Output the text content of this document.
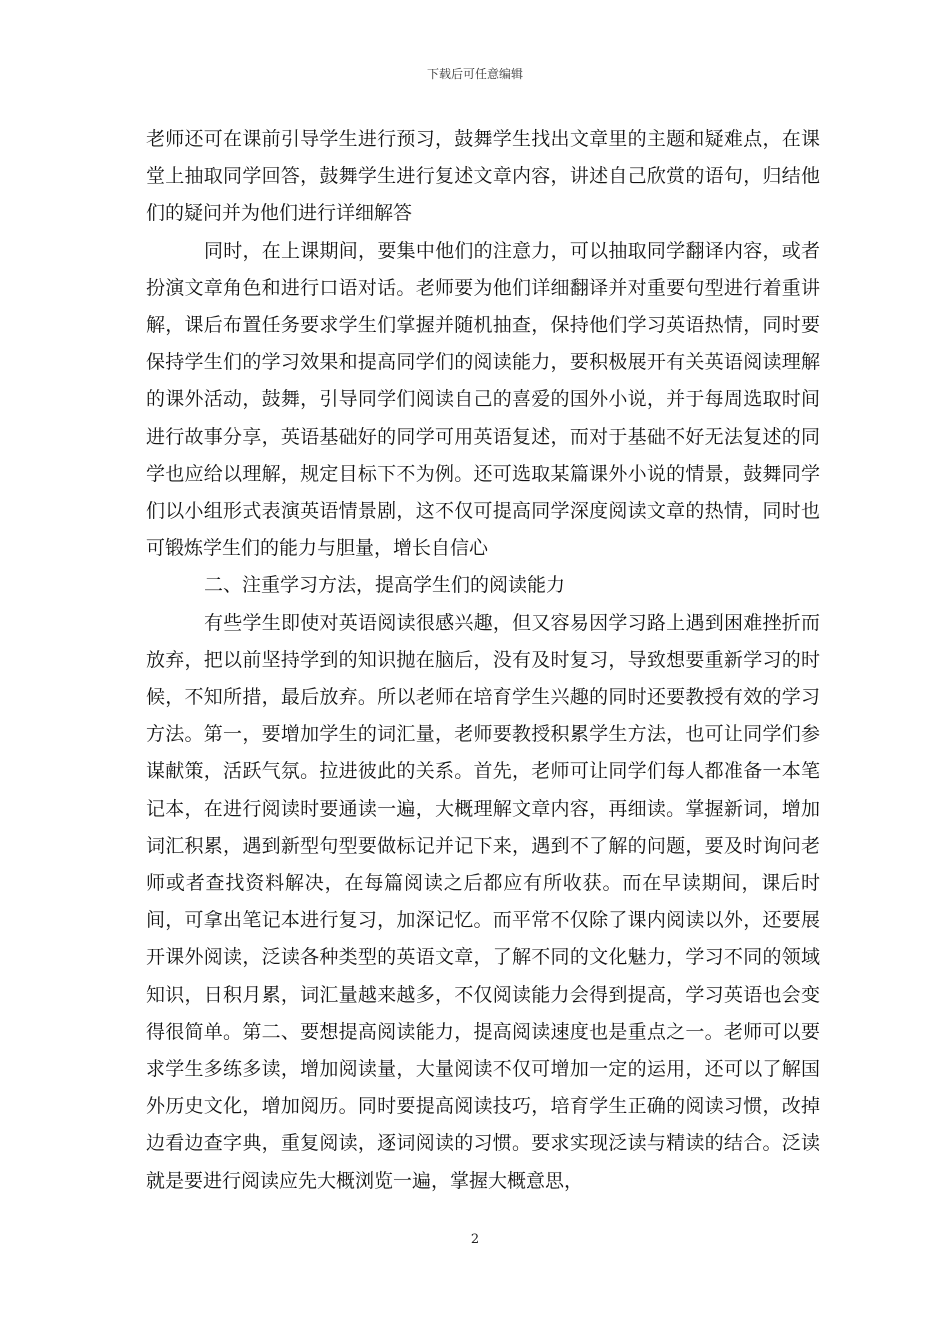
下载后可任意编辑

老师还可在课前引导学生进行预习，鼓舞学生找出文章里的主题和疑难点，在课堂上抽取同学回答，鼓舞学生进行复述文章内容，讲述自己欣赏的语句，归结他们的疑问并为他们进行详细解答

同时，在上课期间，要集中他们的注意力，可以抽取同学翻译内容，或者扮演文章角色和进行口语对话。老师要为他们详细翻译并对重要句型进行着重讲解，课后布置任务要求学生们掌握并随机抽查，保持他们学习英语热情，同时要保持学生们的学习效果和提高同学们的阅读能力，要积极展开有关英语阅读理解的课外活动，鼓舞，引导同学们阅读自己的喜爱的国外小说，并于每周选取时间进行故事分享，英语基础好的同学可用英语复述，而对于基础不好无法复述的同学也应给以理解，规定目标下不为例。还可选取某篇课外小说的情景，鼓舞同学们以小组形式表演英语情景剧，这不仅可提高同学深度阅读文章的热情，同时也可锻炼学生们的能力与胆量，增长自信心

二、注重学习方法，提高学生们的阅读能力

有些学生即使对英语阅读很感兴趣，但又容易因学习路上遇到困难挫折而放弃，把以前坚持学到的知识抛在脑后，没有及时复习，导致想要重新学习的时候，不知所措，最后放弃。所以老师在培育学生兴趣的同时还要教授有效的学习方法。第一，要增加学生的词汇量，老师要教授积累学生方法，也可让同学们参谋献策，活跃气氛。拉进彼此的关系。首先，老师可让同学们每人都准备一本笔记本，在进行阅读时要通读一遍，大概理解文章内容，再细读。掌握新词，增加词汇积累，遇到新型句型要做标记并记下来，遇到不了解的问题，要及时询问老师或者查找资料解决，在每篇阅读之后都应有所收获。而在早读期间，课后时间，可拿出笔记本进行复习，加深记忆。而平常不仅除了课内阅读以外，还要展开课外阅读，泛读各种类型的英语文章，了解不同的文化魅力，学习不同的领域知识，日积月累，词汇量越来越多，不仅阅读能力会得到提高，学习英语也会变得很简单。第二、要想提高阅读能力，提高阅读速度也是重点之一。老师可以要求学生多练多读，增加阅读量，大量阅读不仅可增加一定的运用，还可以了解国外历史文化，增加阅历。同时要提高阅读技巧，培育学生正确的阅读习惯，改掉边看边查字典，重复阅读，逐词阅读的习惯。要求实现泛读与精读的结合。泛读就是要进行阅读应先大概浏览一遍，掌握大概意思，

2
